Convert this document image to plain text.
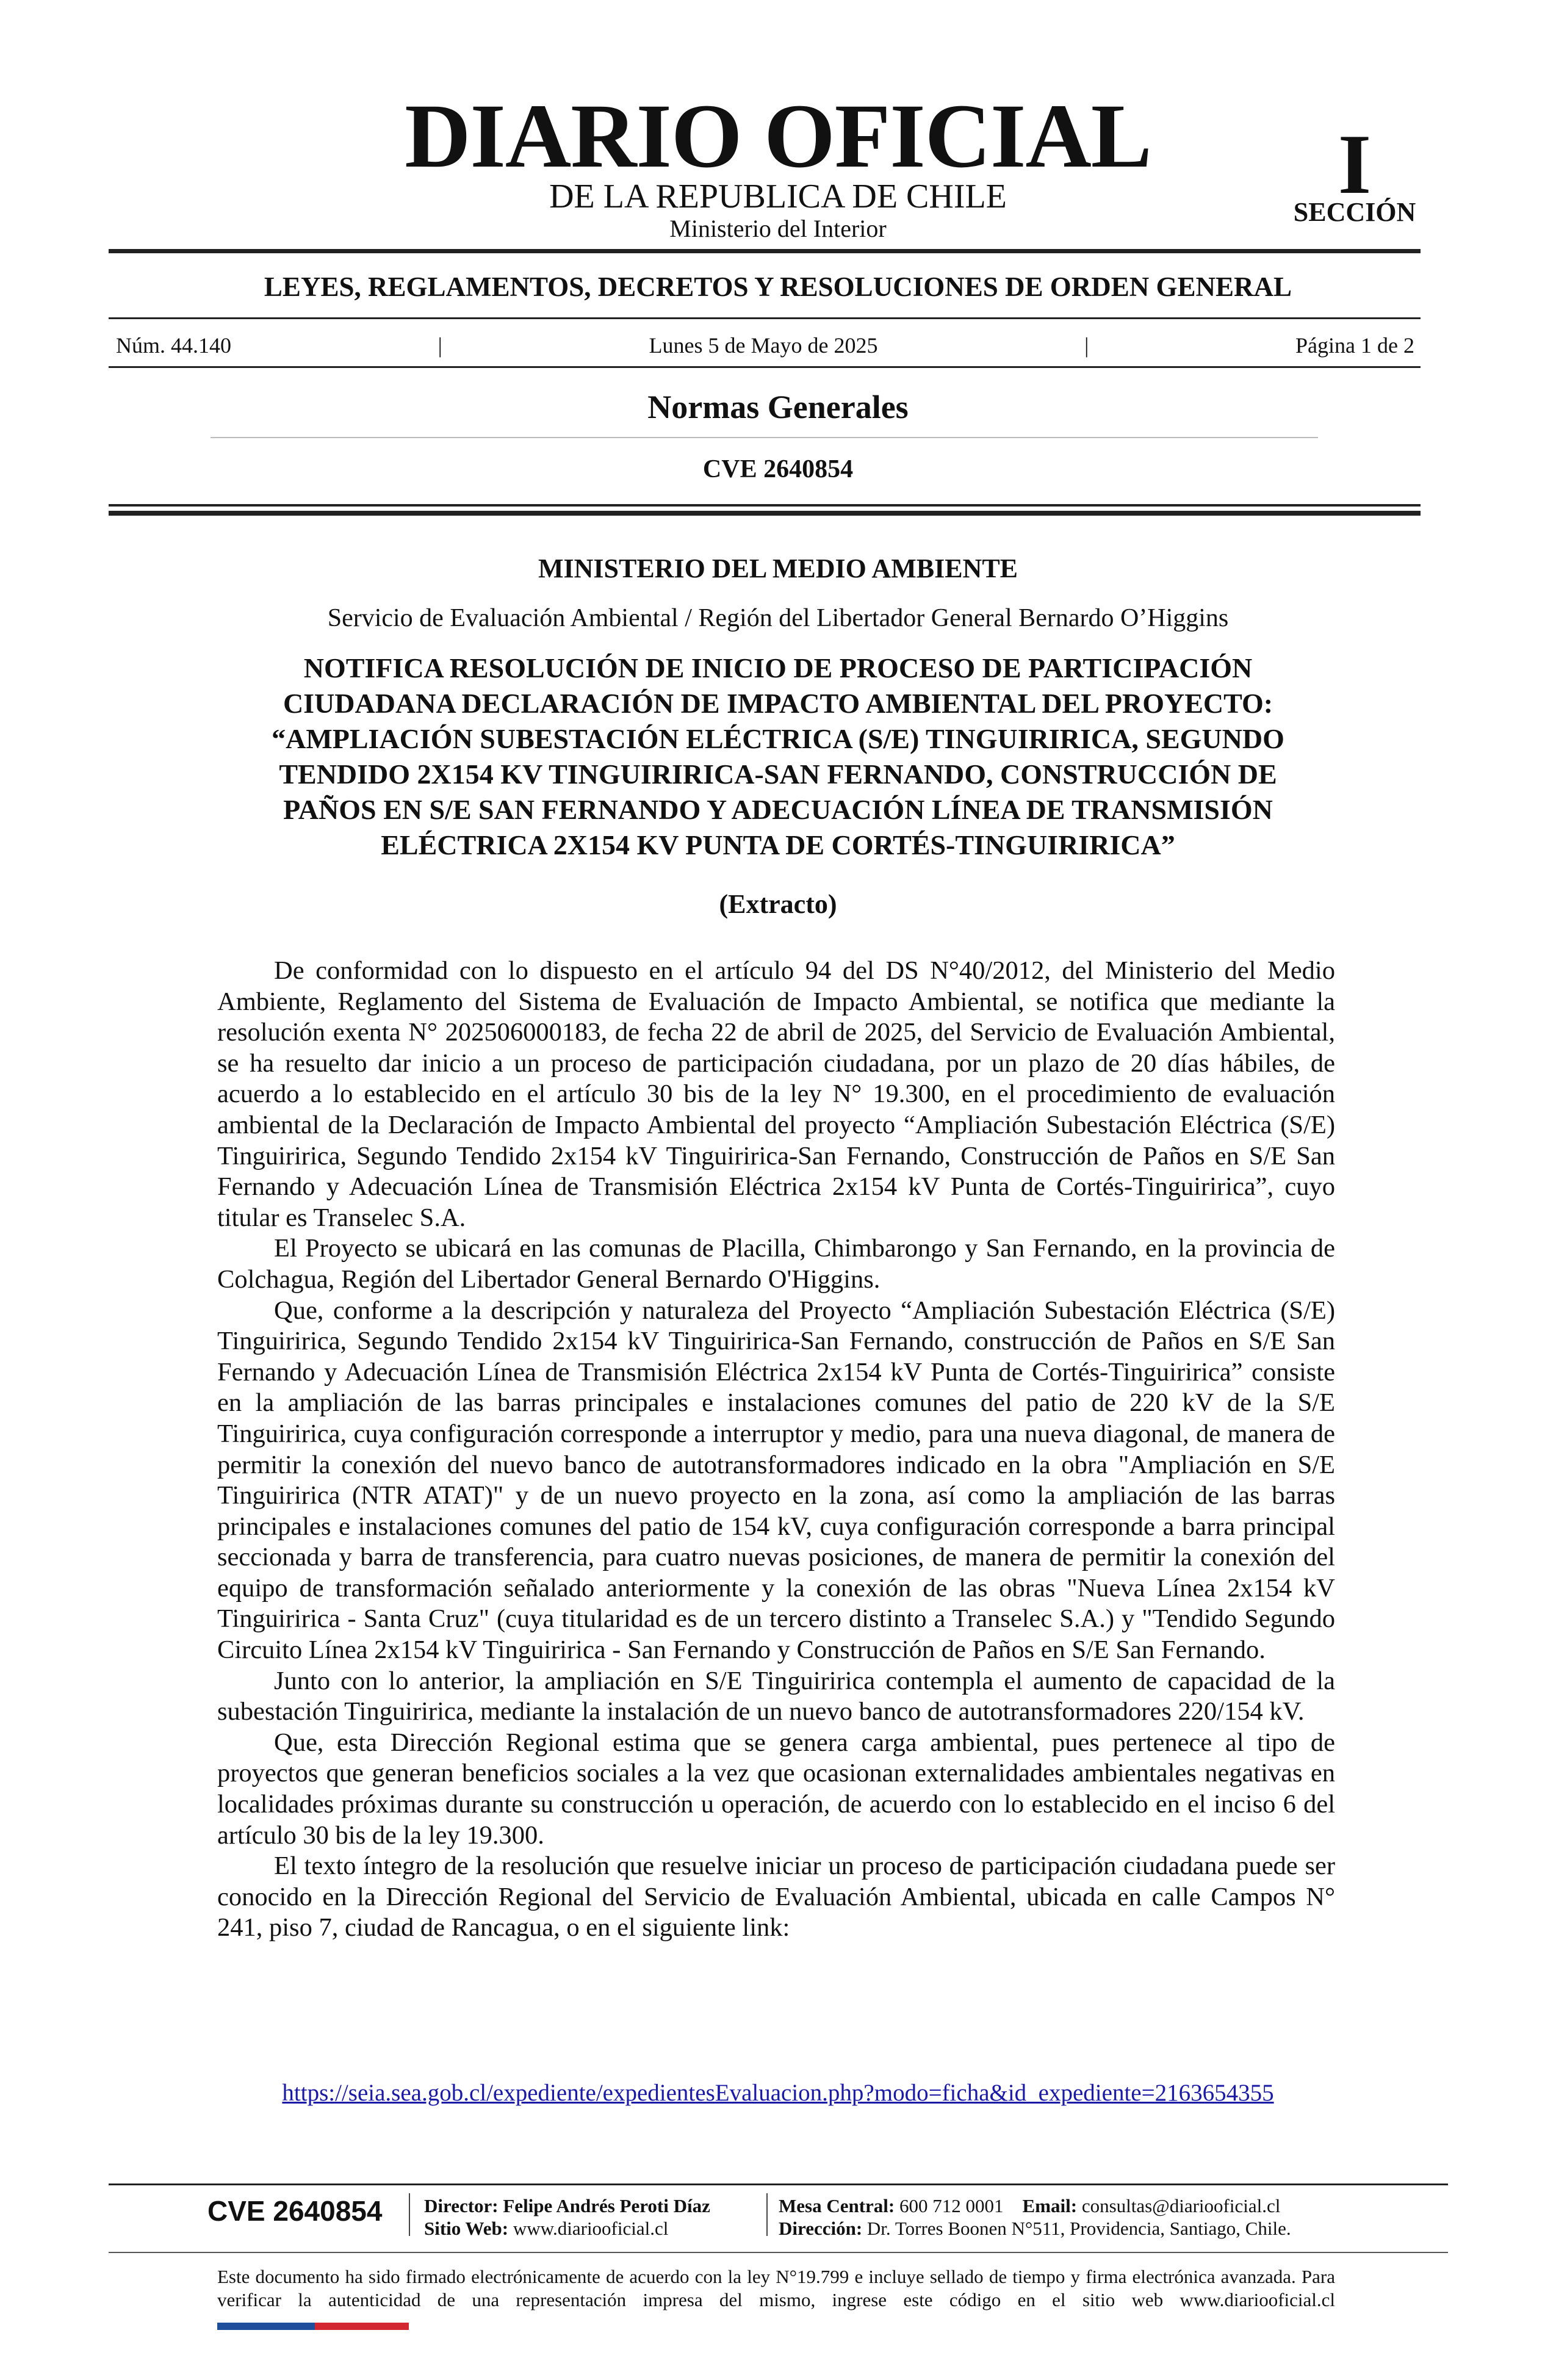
DIARIO OFICIAL
DE LA REPUBLICA DE CHILE
Ministerio del Interior
I
SECCIÓN
LEYES, REGLAMENTOS, DECRETOS Y RESOLUCIONES DE ORDEN GENERAL
Núm. 44.140	|	Lunes 5 de Mayo de 2025	|	Página 1 de 2
Normas Generales
CVE 2640854
MINISTERIO DEL MEDIO AMBIENTE
Servicio de Evaluación Ambiental / Región del Libertador General Bernardo O’Higgins
NOTIFICA RESOLUCIÓN DE INICIO DE PROCESO DE PARTICIPACIÓN CIUDADANA DECLARACIÓN DE IMPACTO AMBIENTAL DEL PROYECTO: “AMPLIACIÓN SUBESTACIÓN ELÉCTRICA (S/E) TINGUIRIRICA, SEGUNDO TENDIDO 2X154 KV TINGUIRIRICA-SAN FERNANDO, CONSTRUCCIÓN DE PAÑOS EN S/E SAN FERNANDO Y ADECUACIÓN LÍNEA DE TRANSMISIÓN ELÉCTRICA 2X154 KV PUNTA DE CORTÉS-TINGUIRIRICA”
(Extracto)

De conformidad con lo dispuesto en el artículo 94 del DS N°40/2012, del Ministerio del Medio Ambiente, Reglamento del Sistema de Evaluación de Impacto Ambiental, se notifica que mediante la resolución exenta N° 202506000183, de fecha 22 de abril de 2025, del Servicio de Evaluación Ambiental, se ha resuelto dar inicio a un proceso de participación ciudadana, por un plazo de 20 días hábiles, de acuerdo a lo establecido en el artículo 30 bis de la ley N° 19.300, en el procedimiento de evaluación ambiental de la Declaración de Impacto Ambiental del proyecto “Ampliación Subestación Eléctrica (S/E) Tinguiririca, Segundo Tendido 2x154 kV Tinguiririca-San Fernando, Construcción de Paños en S/E San Fernando y Adecuación Línea de Transmisión Eléctrica 2x154 kV Punta de Cortés-Tinguiririca”, cuyo titular es Transelec S.A.

El Proyecto se ubicará en las comunas de Placilla, Chimbarongo y San Fernando, en la provincia de Colchagua, Región del Libertador General Bernardo O'Higgins.

Que, conforme a la descripción y naturaleza del Proyecto “Ampliación Subestación Eléctrica (S/E) Tinguiririca, Segundo Tendido 2x154 kV Tinguiririca-San Fernando, construcción de Paños en S/E San Fernando y Adecuación Línea de Transmisión Eléctrica 2x154 kV Punta de Cortés-Tinguiririca” consiste en la ampliación de las barras principales e instalaciones comunes del patio de 220 kV de la S/E Tinguiririca, cuya configuración corresponde a interruptor y medio, para una nueva diagonal, de manera de permitir la conexión del nuevo banco de autotransformadores indicado en la obra "Ampliación en S/E Tinguiririca (NTR ATAT)" y de un nuevo proyecto en la zona, así como la ampliación de las barras principales e instalaciones comunes del patio de 154 kV, cuya configuración corresponde a barra principal seccionada y barra de transferencia, para cuatro nuevas posiciones, de manera de permitir la conexión del equipo de transformación señalado anteriormente y la conexión de las obras "Nueva Línea 2x154 kV Tinguiririca - Santa Cruz" (cuya titularidad es de un tercero distinto a Transelec S.A.) y "Tendido Segundo Circuito Línea 2x154 kV Tinguiririca - San Fernando y Construcción de Paños en S/E San Fernando.

Junto con lo anterior, la ampliación en S/E Tinguiririca contempla el aumento de capacidad de la subestación Tinguiririca, mediante la instalación de un nuevo banco de autotransformadores 220/154 kV.

Que, esta Dirección Regional estima que se genera carga ambiental, pues pertenece al tipo de proyectos que generan beneficios sociales a la vez que ocasionan externalidades ambientales negativas en localidades próximas durante su construcción u operación, de acuerdo con lo establecido en el inciso 6 del artículo 30 bis de la ley 19.300.

El texto íntegro de la resolución que resuelve iniciar un proceso de participación ciudadana puede ser conocido en la Dirección Regional del Servicio de Evaluación Ambiental, ubicada en calle Campos N° 241, piso 7, ciudad de Rancagua, o en el siguiente link:

https://seia.sea.gob.cl/expediente/expedientesEvaluacion.php?modo=ficha&id_expediente=2163654355
CVE 2640854 Director: Felipe Andrés Peroti Díaz
Sitio Web: www.diariooficial.cl
Mesa Central: 600 712 0001 Email: consultas@diariooficial.cl
Dirección: Dr. Torres Boonen N°511, Providencia, Santiago, Chile.
Este documento ha sido firmado electrónicamente de acuerdo con la ley N°19.799 e incluye sellado de tiempo y firma electrónica avanzada. Para verificar la autenticidad de una representación impresa del mismo, ingrese este código en el sitio web www.diariooficial.cl
